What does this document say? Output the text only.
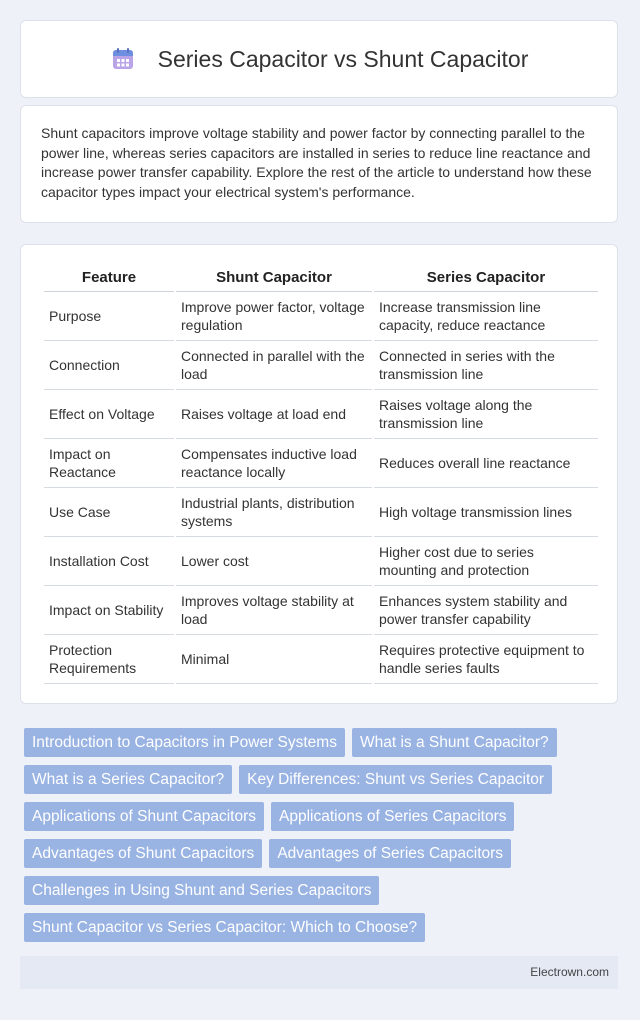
Series Capacitor vs Shunt Capacitor

Shunt capacitors improve voltage stability and power factor by connecting parallel to the power line, whereas series capacitors are installed in series to reduce line reactance and increase power transfer capability. Explore the rest of the article to understand how these capacitor types impact your electrical system's performance.

Feature	Shunt Capacitor	Series Capacitor
Purpose	Improve power factor, voltage regulation	Increase transmission line capacity, reduce reactance
Connection	Connected in parallel with the load	Connected in series with the transmission line
Effect on Voltage	Raises voltage at load end	Raises voltage along the transmission line
Impact on Reactance	Compensates inductive load reactance locally	Reduces overall line reactance
Use Case	Industrial plants, distribution systems	High voltage transmission lines
Installation Cost	Lower cost	Higher cost due to series mounting and protection
Impact on Stability	Improves voltage stability at load	Enhances system stability and power transfer capability
Protection Requirements	Minimal	Requires protective equipment to handle series faults
Introduction to Capacitors in Power Systems	What is a Shunt Capacitor?
What is a Series Capacitor?	Key Differences: Shunt vs Series Capacitor
Applications of Shunt Capacitors	Applications of Series Capacitors
Advantages of Shunt Capacitors	Advantages of Series Capacitors
Challenges in Using Shunt and Series Capacitors
Shunt Capacitor vs Series Capacitor: Which to Choose?
Electrown.com
